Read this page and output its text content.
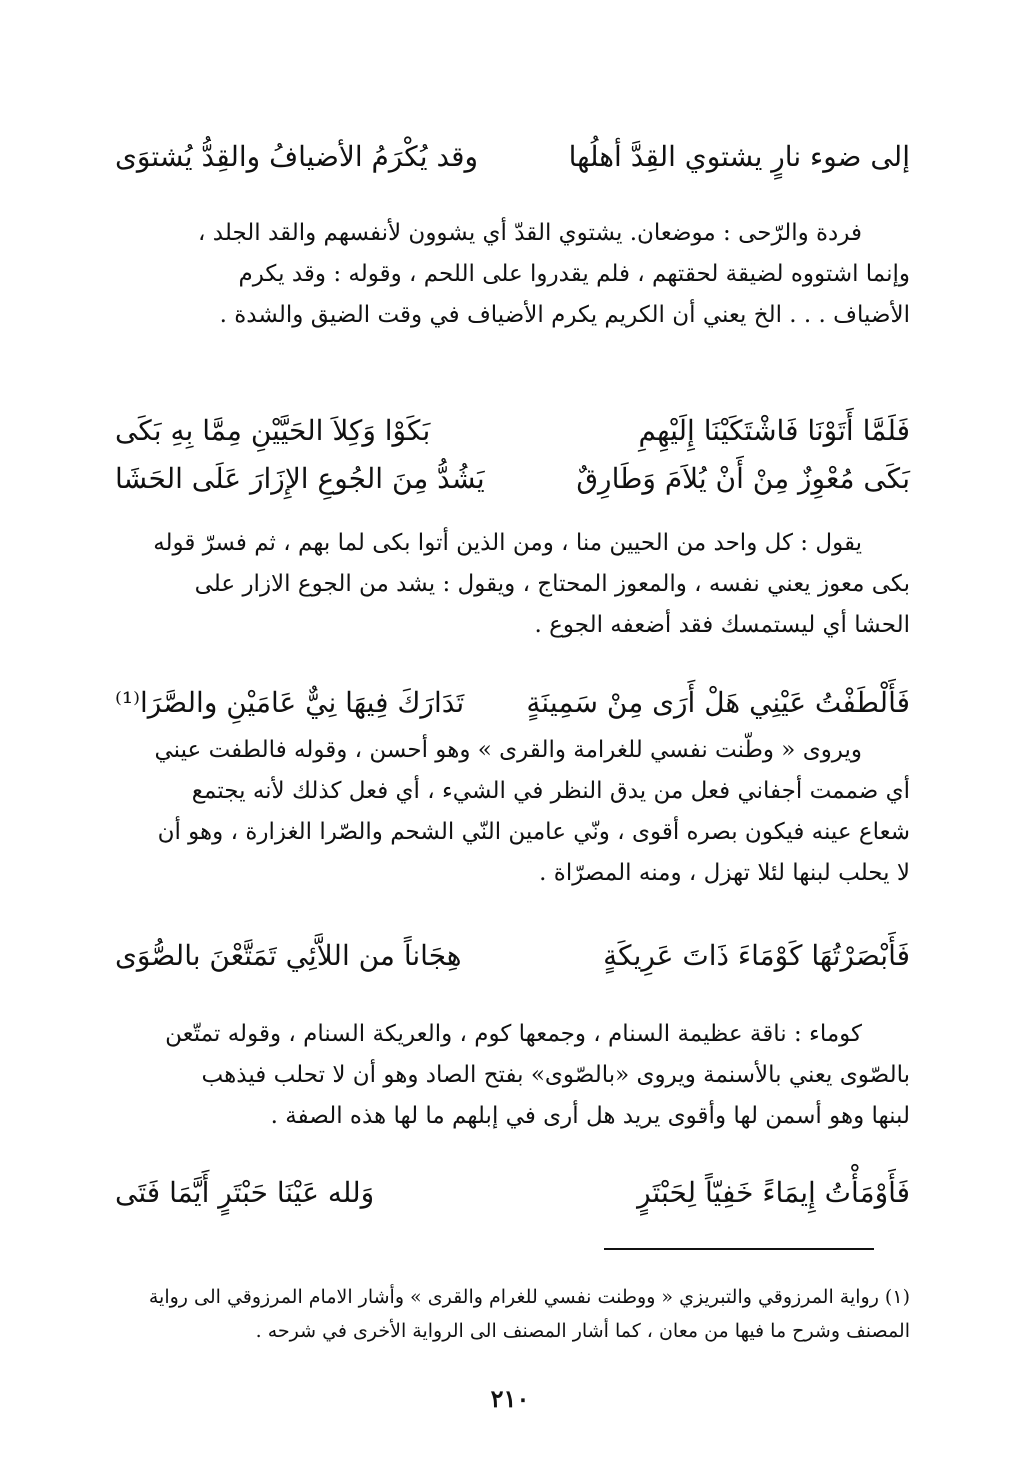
إلى ضوء نارٍ يشتوي القِدَّ أهلُها
وقد يُكْرَمُ الأضيافُ والقِدُّ يُشتوَى

فردة والرّحى : موضعان. يشتوي القدّ أي يشوون لأنفسهم والقد الجلد ،
وإنما اشتووه لضيقة لحقتهم ، فلم يقدروا على اللحم ، وقوله : وقد يكرم
الأضياف . . . الخ يعني أن الكريم يكرم الأضياف في وقت الضيق والشدة .

فَلَمَّا أَتَوْنَا فَاشْتَكَيْنَا إِلَيْهِمِ
بَكَوْا وَكِلاَ الحَيَّيْنِ مِمَّا بِهِ بَكَى
بَكَى مُعْوِزٌ مِنْ أَنْ يُلاَمَ وَطَارِقٌ
يَشُدُّ مِنَ الجُوعِ الإِزَارَ عَلَى الحَشَا

يقول : كل واحد من الحيين منا ، ومن الذين أتوا بكى لما بهم ، ثم فسرّ قوله
بكى معوز يعني نفسه ، والمعوز المحتاج ، ويقول : يشد من الجوع الازار على
الحشا أي ليستمسك فقد أضعفه الجوع .

فَأَلْطَفْتُ عَيْنِي هَلْ أَرَى مِنْ سَمِينَةٍ
تَدَارَكَ فِيهَا نِيٌّ عَامَيْنِ والصَّرَا⁽¹⁾

ويروى « وطّنت نفسي للغرامة والقرى » وهو أحسن ، وقوله فالطفت عيني
أي ضممت أجفاني فعل من يدق النظر في الشيء ، أي فعل كذلك لأنه يجتمع
شعاع عينه فيكون بصره أقوى ، ونّي عامين النّي الشحم والصّرا الغزارة ، وهو أن
لا يحلب لبنها لئلا تهزل ، ومنه المصرّاة .

فَأَبْصَرْتُهَا كَوْمَاءَ ذَاتَ عَرِيكَةٍ
هِجَاناً من اللاَّئِي تَمَتَّعْنَ بالصُّوَى

كوماء : ناقة عظيمة السنام ، وجمعها كوم ، والعريكة السنام ، وقوله تمتّعن
بالصّوى يعني بالأسنمة ويروى «بالصّوى» بفتح الصاد وهو أن لا تحلب فيذهب
لبنها وهو أسمن لها وأقوى يريد هل أرى في إبلهم ما لها هذه الصفة .

فَأَوْمَأْتُ إِيمَاءً خَفِيّاً لِحَبْتَرٍ
وَلله عَيْنَا حَبْتَرٍ أَيَّمَا فَتَى
(١) رواية المرزوقي والتبريزي « ووطنت نفسي للغرام والقرى » وأشار الامام المرزوقي الى رواية
المصنف وشرح ما فيها من معان ، كما أشار المصنف الى الرواية الأخرى في شرحه .
٢١٠
